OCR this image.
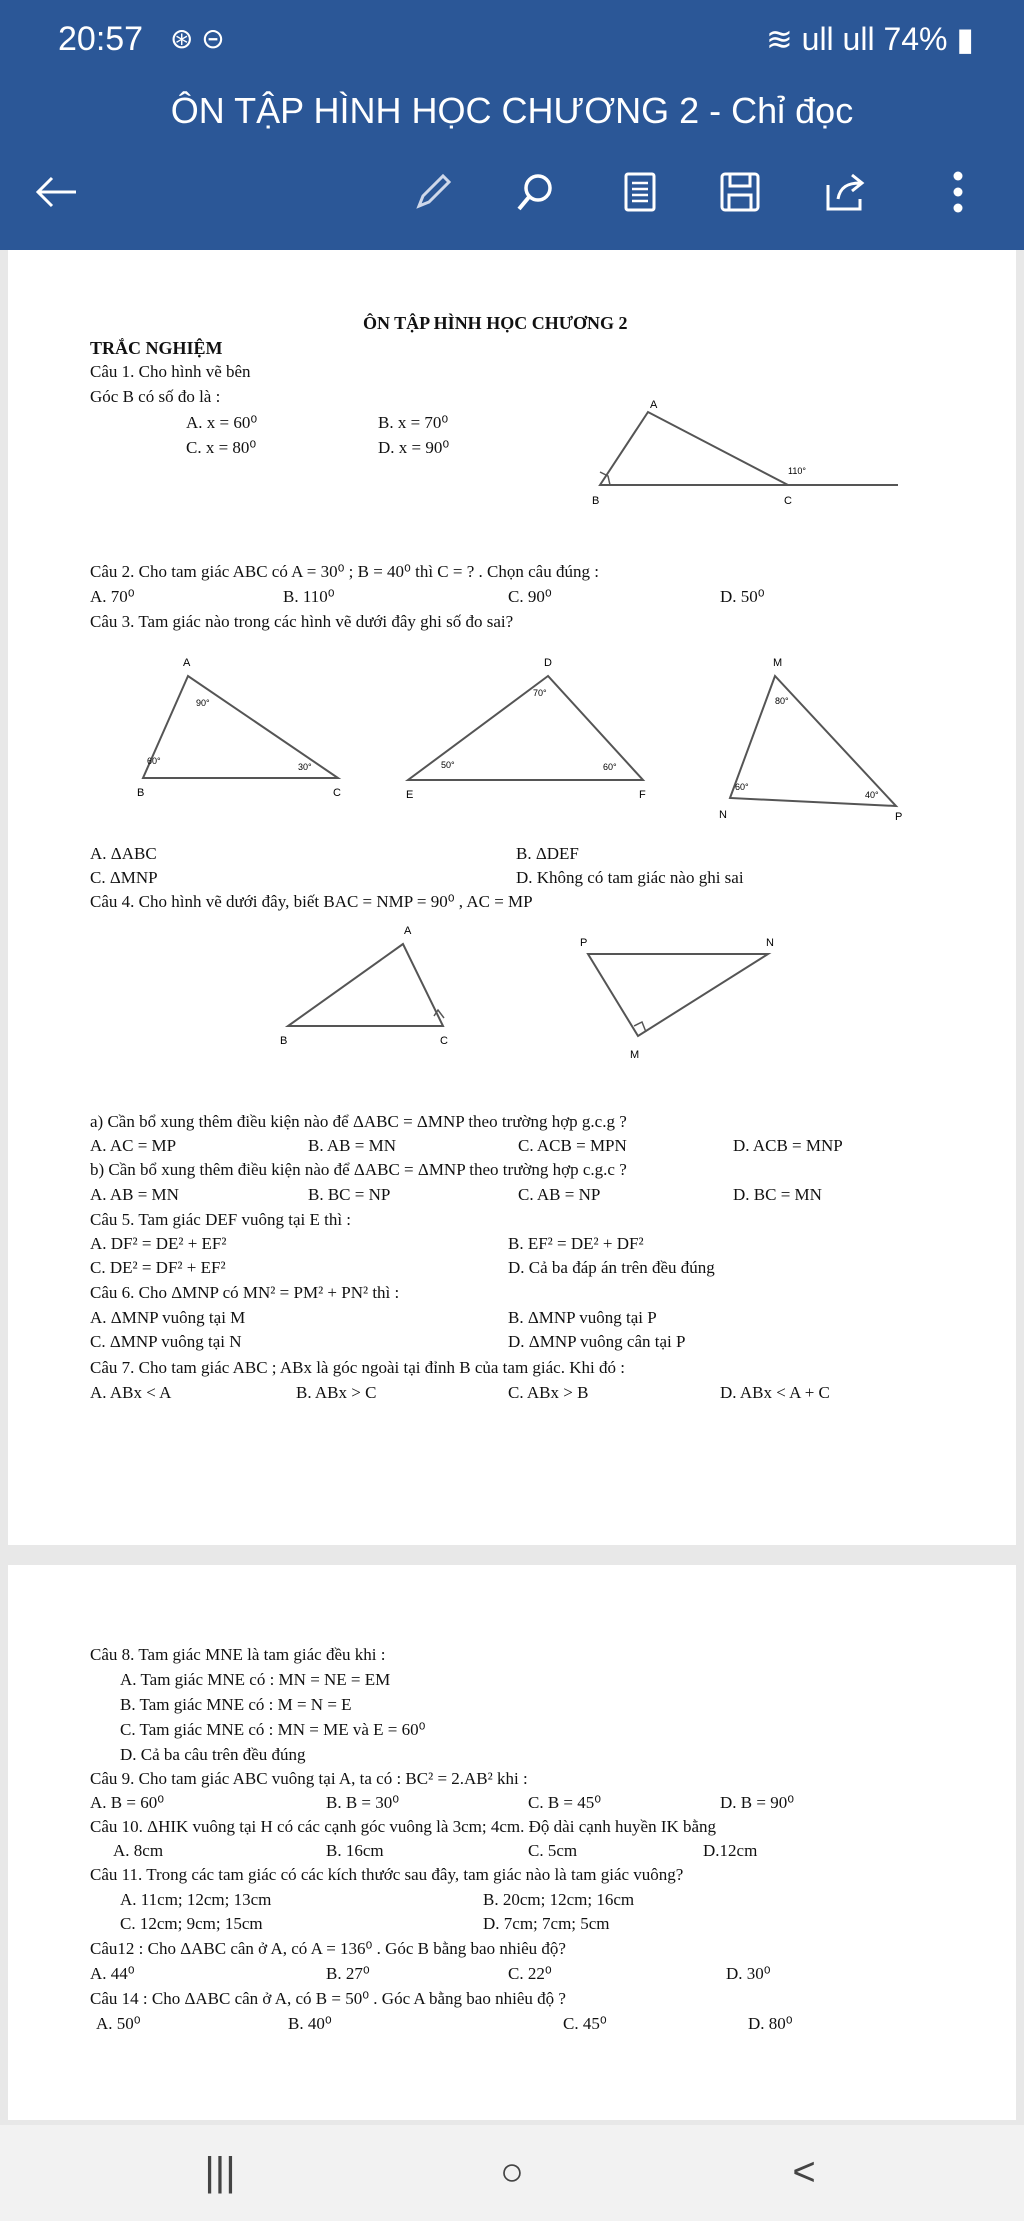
20:57 ⊛ ⊝	≋ ull ull 74% ▮
ÔN TẬP HÌNH HỌC CHƯƠNG 2 - Chỉ đọc
ÔN TẬP HÌNH HỌC CHƯƠNG 2
TRẮC NGHIỆM
Câu 1. Cho hình vẽ bên
Góc B có số đo là :
A. x = 60⁰	B. x = 70⁰
C. x = 80⁰	D. x = 90⁰
A
B	C
110°
Câu 2. Cho tam giác ABC có A = 30⁰ ; B = 40⁰ thì C = ? . Chọn câu đúng :
A. 70⁰	B. 110⁰	C. 90⁰	D. 50⁰
Câu 3. Tam giác nào trong các hình vẽ dưới đây ghi số đo sai?
A
B	C
90°
60°
30°
D
E	F
70°
50°	60°
M
N	P
80°
60°
40°
A. ΔABC	B. ΔDEF
C. ΔMNP	D. Không có tam giác nào ghi sai
Câu 4. Cho hình vẽ dưới đây, biết BAC = NMP = 90⁰ , AC = MP
A
B	C
P	N
M
a) Cần bổ xung thêm điều kiện nào để ΔABC = ΔMNP theo trường hợp g.c.g ?
A. AC = MP	B. AB = MN	C. ACB = MPN	D. ACB = MNP
b) Cần bổ xung thêm điều kiện nào để ΔABC = ΔMNP theo trường hợp c.g.c ?
A. AB = MN	B. BC = NP	C. AB = NP	D. BC = MN
Câu 5. Tam giác DEF vuông tại E thì :
A. DF² = DE² + EF²	B. EF² = DE² + DF²
C. DE² = DF² + EF²	D. Cả ba đáp án trên đều đúng
Câu 6. Cho ΔMNP có MN² = PM² + PN² thì :
A. ΔMNP vuông tại M	B. ΔMNP vuông tại P
C. ΔMNP vuông tại N	D. ΔMNP vuông cân tại P
Câu 7. Cho tam giác ABC ; ABx là góc ngoài tại đỉnh B của tam giác. Khi đó :
A. ABx < A	B. ABx > C	C. ABx > B	D. ABx < A + C
Câu 8. Tam giác MNE là tam giác đều khi :
A. Tam giác MNE có : MN = NE = EM
B. Tam giác MNE có : M = N = E
C. Tam giác MNE có : MN = ME và E = 60⁰
D. Cả ba câu trên đều đúng
Câu 9. Cho tam giác ABC vuông tại A, ta có : BC² = 2.AB² khi :
A. B = 60⁰	B. B = 30⁰	C. B = 45⁰	D. B = 90⁰
Câu 10. ΔHIK vuông tại H có các cạnh góc vuông là 3cm; 4cm. Độ dài cạnh huyền IK bằng
A. 8cm	B. 16cm	C. 5cm	D.12cm
Câu 11. Trong các tam giác có các kích thước sau đây, tam giác nào là tam giác vuông?
A. 11cm; 12cm; 13cm	B. 20cm; 12cm; 16cm
C. 12cm; 9cm; 15cm	D. 7cm; 7cm; 5cm
Câu12 : Cho ΔABC cân ở A, có A = 136⁰ . Góc B bằng bao nhiêu độ?
A. 44⁰	B. 27⁰	C. 22⁰	D. 30⁰
Câu 14 : Cho ΔABC cân ở A, có B = 50⁰ . Góc A bằng bao nhiêu độ ?
A. 50⁰	B. 40⁰	C. 45⁰	D. 80⁰
|||	○	<
